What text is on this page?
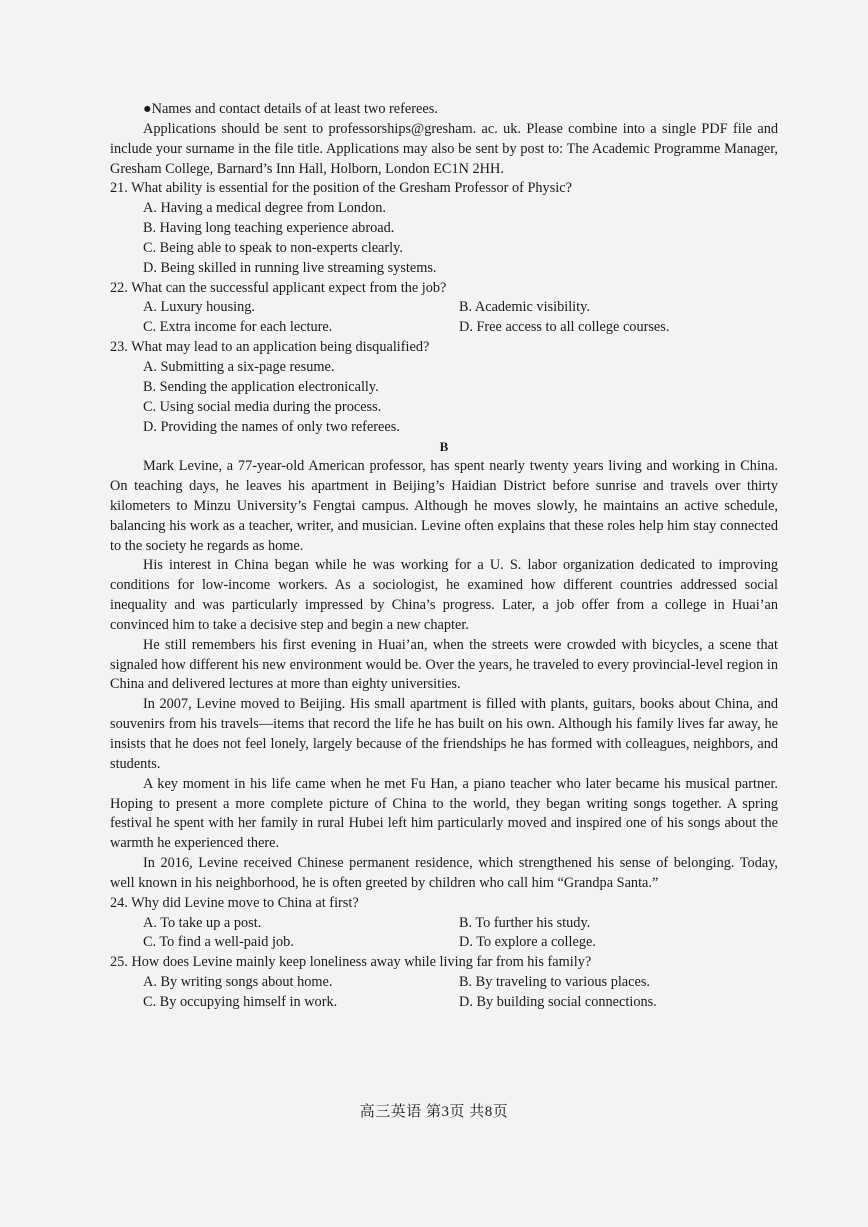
●Names and contact details of at least two referees.

Applications should be sent to professorships@gresham. ac. uk. Please combine into a single PDF file and include your surname in the file title. Applications may also be sent by post to: The Academic Programme Manager, Gresham College, Barnard’s Inn Hall, Holborn, London EC1N 2HH.

21. What ability is essential for the position of the Gresham Professor of Physic?

A. Having a medical degree from London.

B. Having long teaching experience abroad.

C. Being able to speak to non-experts clearly.

D. Being skilled in running live streaming systems.

22. What can the successful applicant expect from the job?

A. Luxury housing.	B. Academic visibility.
C. Extra income for each lecture.	D. Free access to all college courses.

23. What may lead to an application being disqualified?

A. Submitting a six-page resume.

B. Sending the application electronically.

C. Using social media during the process.

D. Providing the names of only two referees.

B

Mark Levine, a 77-year-old American professor, has spent nearly twenty years living and working in China. On teaching days, he leaves his apartment in Beijing’s Haidian District before sunrise and travels over thirty kilometers to Minzu University’s Fengtai campus. Although he moves slowly, he maintains an active schedule, balancing his work as a teacher, writer, and musician. Levine often explains that these roles help him stay connected to the society he regards as home.

His interest in China began while he was working for a U. S. labor organization dedicated to improving conditions for low-income workers. As a sociologist, he examined how different countries addressed social inequality and was particularly impressed by China’s progress. Later, a job offer from a college in Huai’an convinced him to take a decisive step and begin a new chapter.

He still remembers his first evening in Huai’an, when the streets were crowded with bicycles, a scene that signaled how different his new environment would be. Over the years, he traveled to every provincial-level region in China and delivered lectures at more than eighty universities.

In 2007, Levine moved to Beijing. His small apartment is filled with plants, guitars, books about China, and souvenirs from his travels—items that record the life he has built on his own. Although his family lives far away, he insists that he does not feel lonely, largely because of the friendships he has formed with colleagues, neighbors, and students.

A key moment in his life came when he met Fu Han, a piano teacher who later became his musical partner. Hoping to present a more complete picture of China to the world, they began writing songs together. A spring festival he spent with her family in rural Hubei left him particularly moved and inspired one of his songs about the warmth he experienced there.

In 2016, Levine received Chinese permanent residence, which strengthened his sense of belonging. Today, well known in his neighborhood, he is often greeted by children who call him “Grandpa Santa.”

24. Why did Levine move to China at first?

A. To take up a post.	B. To further his study.
C. To find a well-paid job.	D. To explore a college.

25. How does Levine mainly keep loneliness away while living far from his family?

A. By writing songs about home.	B. By traveling to various places.
C. By occupying himself in work.	D. By building social connections.
高三英语 第3页 共8页
